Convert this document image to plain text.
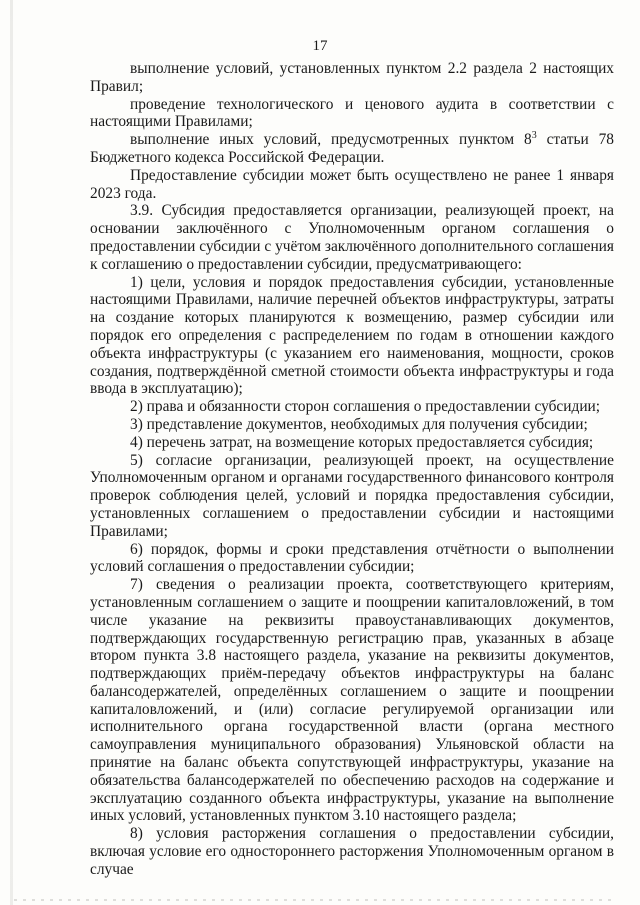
17

выполнение условий, установленных пунктом 2.2 раздела 2 настоящих Правил;

проведение технологического и ценового аудита в соответствии с настоящими Правилами;

выполнение иных условий, предусмотренных пунктом $8^3$ статьи 78 Бюджетного кодекса Российской Федерации.

Предоставление субсидии может быть осуществлено не ранее 1 января 2023 года.

3.9. Субсидия предоставляется организации, реализующей проект, на основании заключённого с Уполномоченным органом соглашения о предоставлении субсидии с учётом заключённого дополнительного соглашения к соглашению о предоставлении субсидии, предусматривающего:

1) цели, условия и порядок предоставления субсидии, установленные настоящими Правилами, наличие перечней объектов инфраструктуры, затраты на создание которых планируются к возмещению, размер субсидии или порядок его определения с распределением по годам в отношении каждого объекта инфраструктуры (с указанием его наименования, мощности, сроков создания, подтверждённой сметной стоимости объекта инфраструктуры и года ввода в эксплуатацию);

2) права и обязанности сторон соглашения о предоставлении субсидии;

3) представление документов, необходимых для получения субсидии;

4) перечень затрат, на возмещение которых предоставляется субсидия;

5) согласие организации, реализующей проект, на осуществление Уполномоченным органом и органами государственного финансового контроля проверок соблюдения целей, условий и порядка предоставления субсидии, установленных соглашением о предоставлении субсидии и настоящими Правилами;

6) порядок, формы и сроки представления отчётности о выполнении условий соглашения о предоставлении субсидии;

7) сведения о реализации проекта, соответствующего критериям, установленным соглашением о защите и поощрении капиталовложений, в том числе указание на реквизиты правоустанавливающих документов, подтверждающих государственную регистрацию прав, указанных в абзаце втором пункта 3.8 настоящего раздела, указание на реквизиты документов, подтверждающих приём-передачу объектов инфраструктуры на баланс балансодержателей, определённых соглашением о защите и поощрении капиталовложений, и (или) согласие регулируемой организации или исполнительного органа государственной власти (органа местного самоуправления муниципального образования) Ульяновской области на принятие на баланс объекта сопутствующей инфраструктуры, указание на обязательства балансодержателей по обеспечению расходов на содержание и эксплуатацию созданного объекта инфраструктуры, указание на выполнение иных условий, установленных пунктом 3.10 настоящего раздела;

8) условия расторжения соглашения о предоставлении субсидии, включая условие его одностороннего расторжения Уполномоченным органом в случае
